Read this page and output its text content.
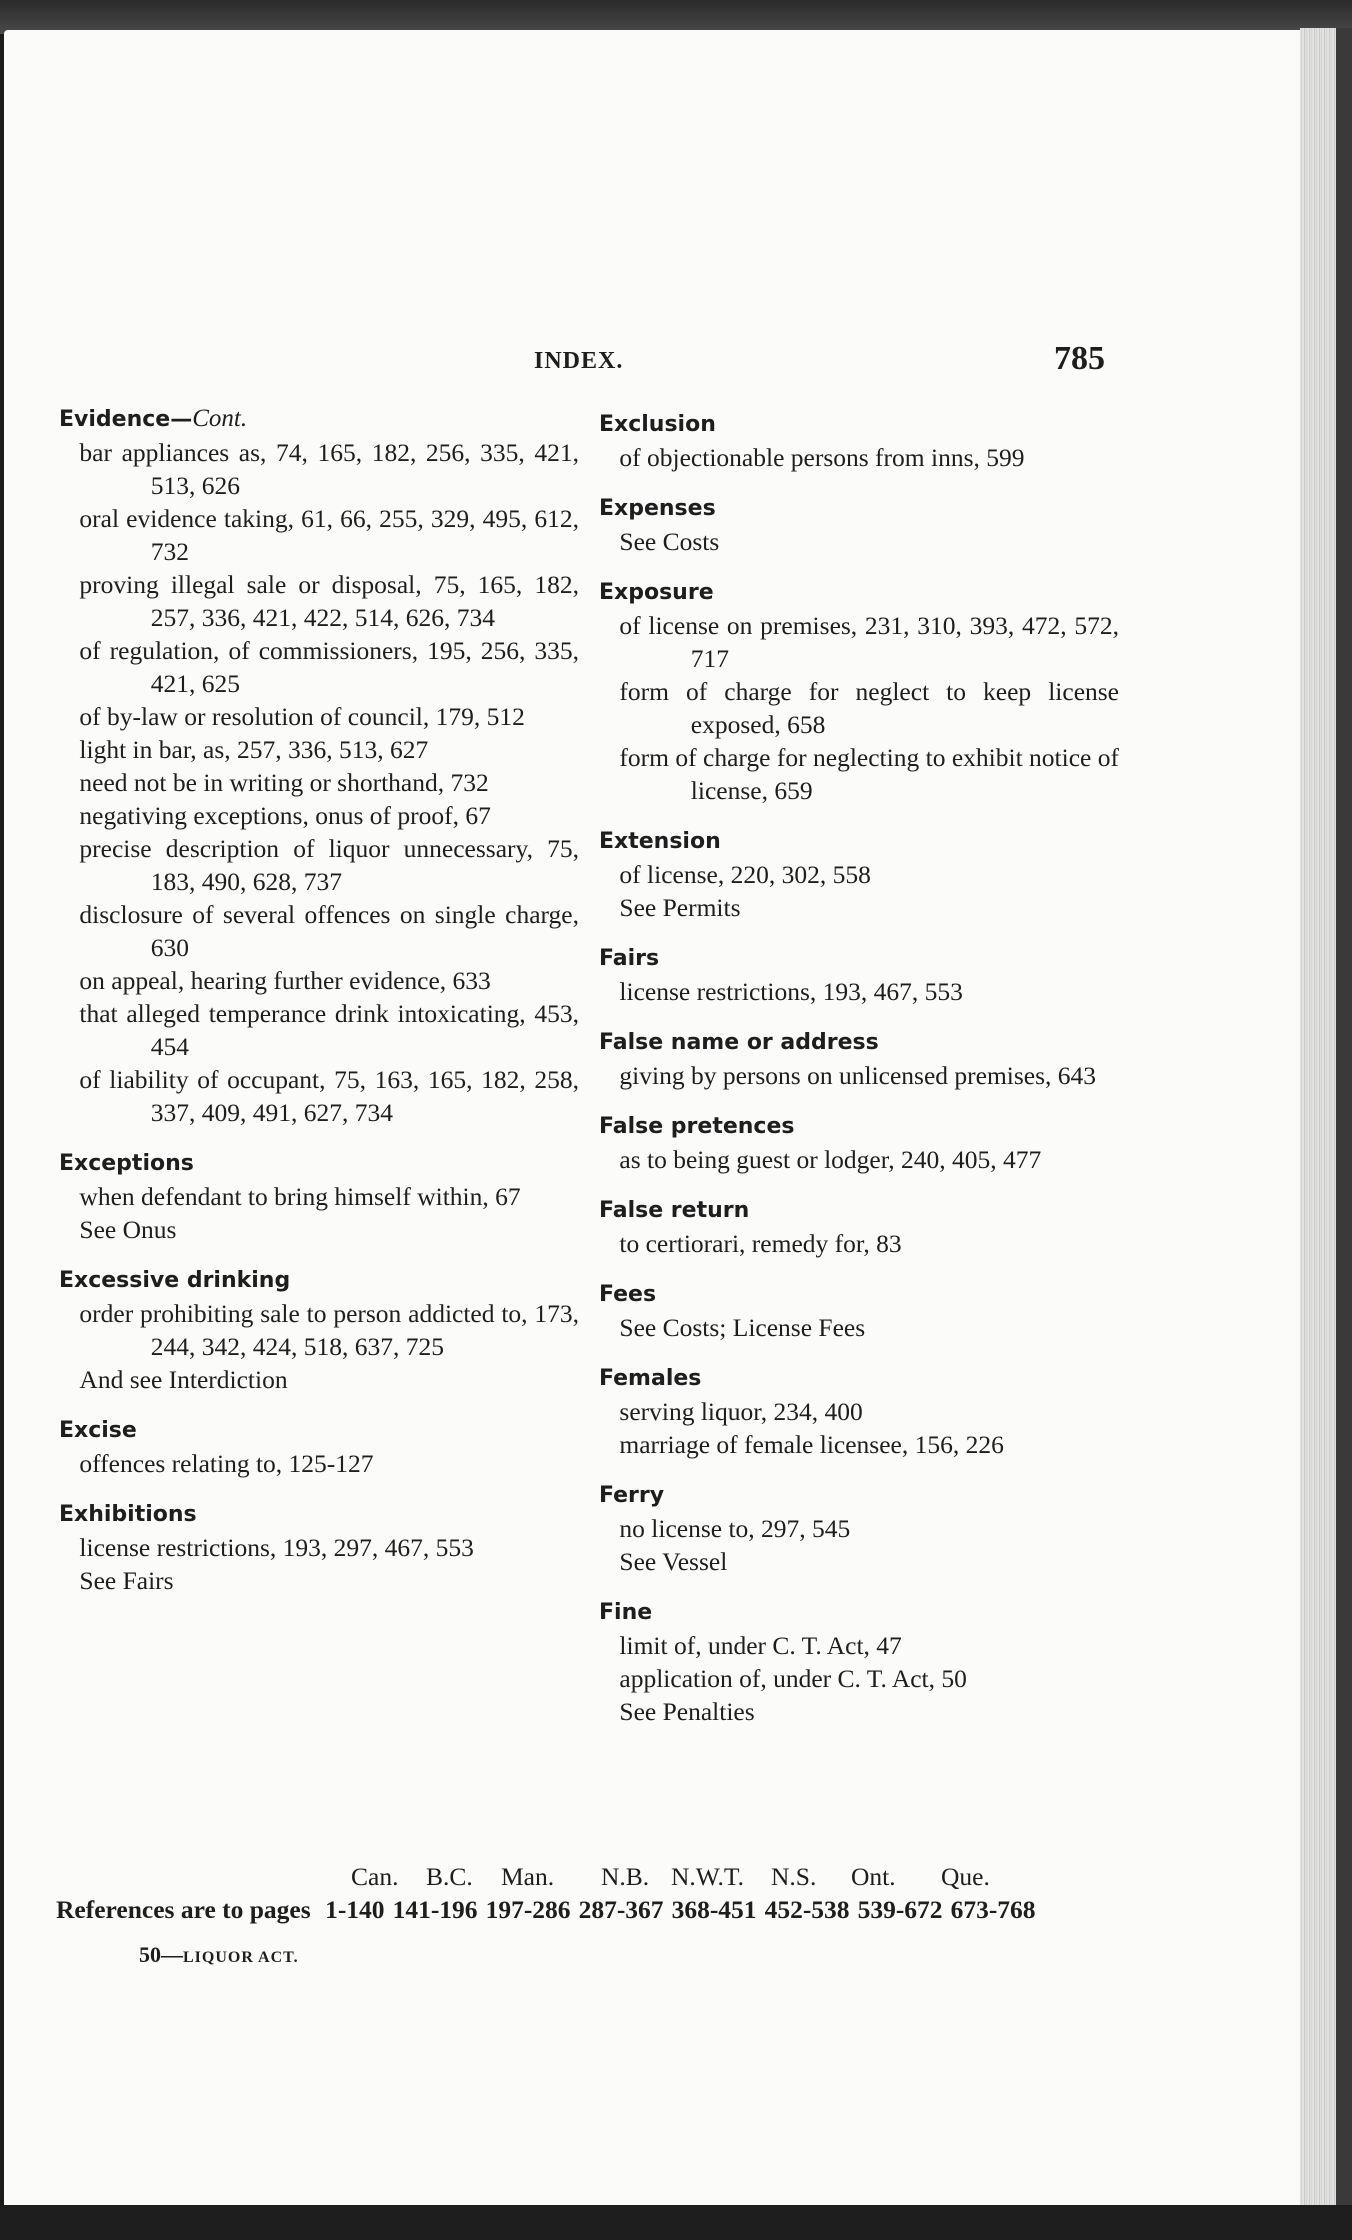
INDEX.	785
Evidence—Cont.
bar appliances as, 74, 165, 182, 256, 335, 421, 513, 626
oral evidence taking, 61, 66, 255, 329, 495, 612, 732
proving illegal sale or disposal, 75, 165, 182, 257, 336, 421, 422, 514, 626, 734
of regulation, of commissioners, 195, 256, 335, 421, 625
of by-law or resolution of council, 179, 512
light in bar, as, 257, 336, 513, 627
need not be in writing or shorthand, 732
negativing exceptions, onus of proof, 67
precise description of liquor unnecessary, 75, 183, 490, 628, 737
disclosure of several offences on single charge, 630
on appeal, hearing further evidence, 633
that alleged temperance drink intoxicating, 453, 454
of liability of occupant, 75, 163, 165, 182, 258, 337, 409, 491, 627, 734
Exceptions
when defendant to bring himself within, 67
See Onus
Excessive drinking
order prohibiting sale to person addicted to, 173, 244, 342, 424, 518, 637, 725
And see Interdiction
Excise
offences relating to, 125-127
Exhibitions
license restrictions, 193, 297, 467, 553
See Fairs
Exclusion
of objectionable persons from inns, 599
Expenses
See Costs
Exposure
of license on premises, 231, 310, 393, 472, 572, 717
form of charge for neglect to keep license exposed, 658
form of charge for neglecting to exhibit notice of license, 659
Extension
of license, 220, 302, 558
See Permits
Fairs
license restrictions, 193, 467, 553
False name or address
giving by persons on unlicensed premises, 643
False pretences
as to being guest or lodger, 240, 405, 477
False return
to certiorari, remedy for, 83
Fees
See Costs; License Fees
Females
serving liquor, 234, 400
marriage of female licensee, 156, 226
Ferry
no license to, 297, 545
See Vessel
Fine
limit of, under C. T. Act, 47
application of, under C. T. Act, 50
See Penalties
Can. B.C. Man. N.B. N.W.T. N.S. Ont. Que.
References are to pages 1-140 141-196 197-286 287-367 368-451 452-538 539-672 673-768
50—LIQUOR ACT.
